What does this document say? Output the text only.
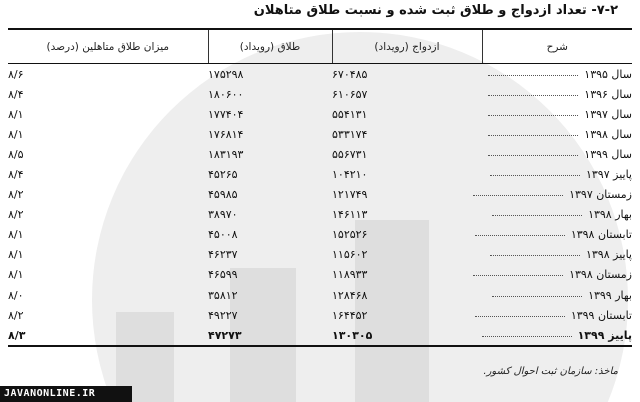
۷-۲- تعداد ازدواج و طلاق ثبت شده و نسبت طلاق متاهلان
شرح	ازدواج (رویداد)	طلاق (رویداد)	میزان طلاق متاهلین (درصد)
سال ۱۳۹۵	۶۷۰۴۸۵	۱۷۵۲۹۸	۸/۶
سال ۱۳۹۶	۶۱۰۶۵۷	۱۸۰۶۰۰	۸/۴
سال ۱۳۹۷	۵۵۴۱۳۱	۱۷۷۴۰۴	۸/۱
سال ۱۳۹۸	۵۳۳۱۷۴	۱۷۶۸۱۴	۸/۱
سال ۱۳۹۹	۵۵۶۷۳۱	۱۸۳۱۹۳	۸/۵
پاییز ۱۳۹۷	۱۰۴۲۱۰	۴۵۲۶۵	۸/۴
زمستان ۱۳۹۷	۱۲۱۷۴۹	۴۵۹۸۵	۸/۲
بهار ۱۳۹۸	۱۴۶۱۱۳	۳۸۹۷۰	۸/۲
تابستان ۱۳۹۸	۱۵۲۵۲۶	۴۵۰۰۸	۸/۱
پاییز ۱۳۹۸	۱۱۵۶۰۲	۴۶۲۳۷	۸/۱
زمستان ۱۳۹۸	۱۱۸۹۳۳	۴۶۵۹۹	۸/۱
بهار ۱۳۹۹	۱۲۸۴۶۸	۳۵۸۱۲	۸/۰
تابستان ۱۳۹۹	۱۶۴۴۵۲	۴۹۲۲۷	۸/۲
پاییز ۱۳۹۹	۱۳۰۳۰۵	۴۷۲۷۳	۸/۳
ماخذ: سازمان ثبت احوال کشور.
JAVANONLINE.IR
